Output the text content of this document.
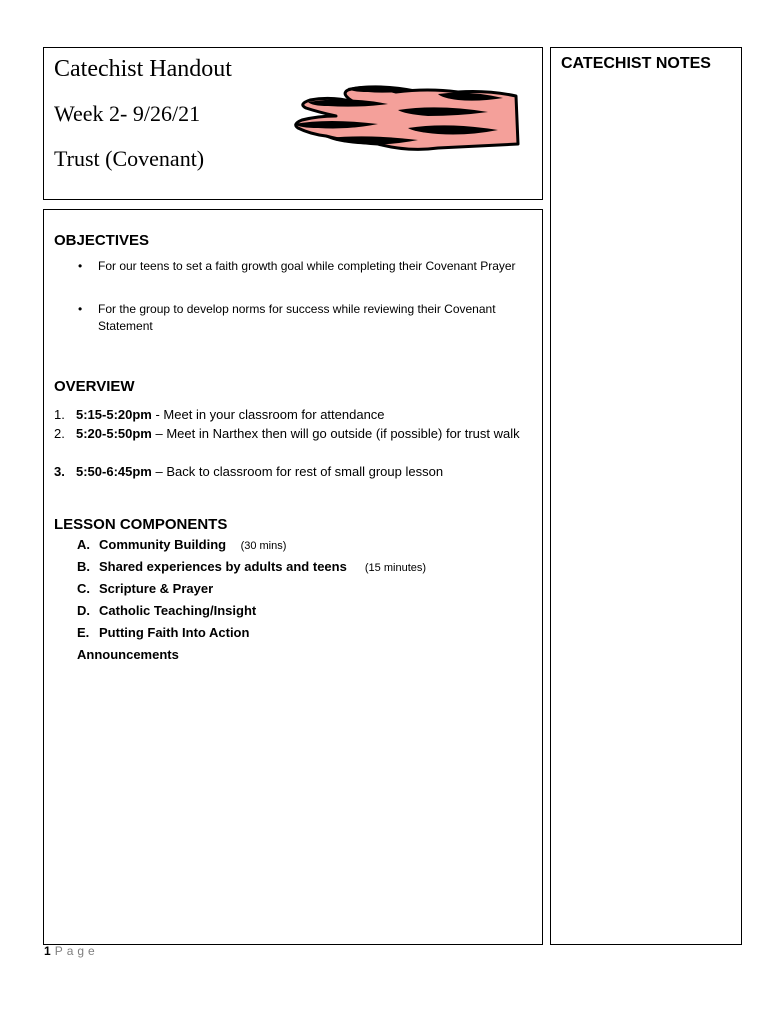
Catechist Handout
Week 2- 9/26/21
Trust (Covenant)
CATECHIST NOTES
OBJECTIVES
•	For our teens to set a faith growth goal while completing their Covenant Prayer
•	For the group to develop norms for success while reviewing their Covenant Statement
OVERVIEW
1. 5:15-5:20pm - Meet in your classroom for attendance
2. 5:20-5:50pm – Meet in Narthex then will go outside (if possible) for trust walk
3. 5:50-6:45pm – Back to classroom for rest of small group lesson
LESSON COMPONENTS
A. Community Building (30 mins)
B. Shared experiences by adults and teens (15 minutes)
C. Scripture & Prayer
D. Catholic Teaching/Insight
E. Putting Faith Into Action
Announcements
1 Page
